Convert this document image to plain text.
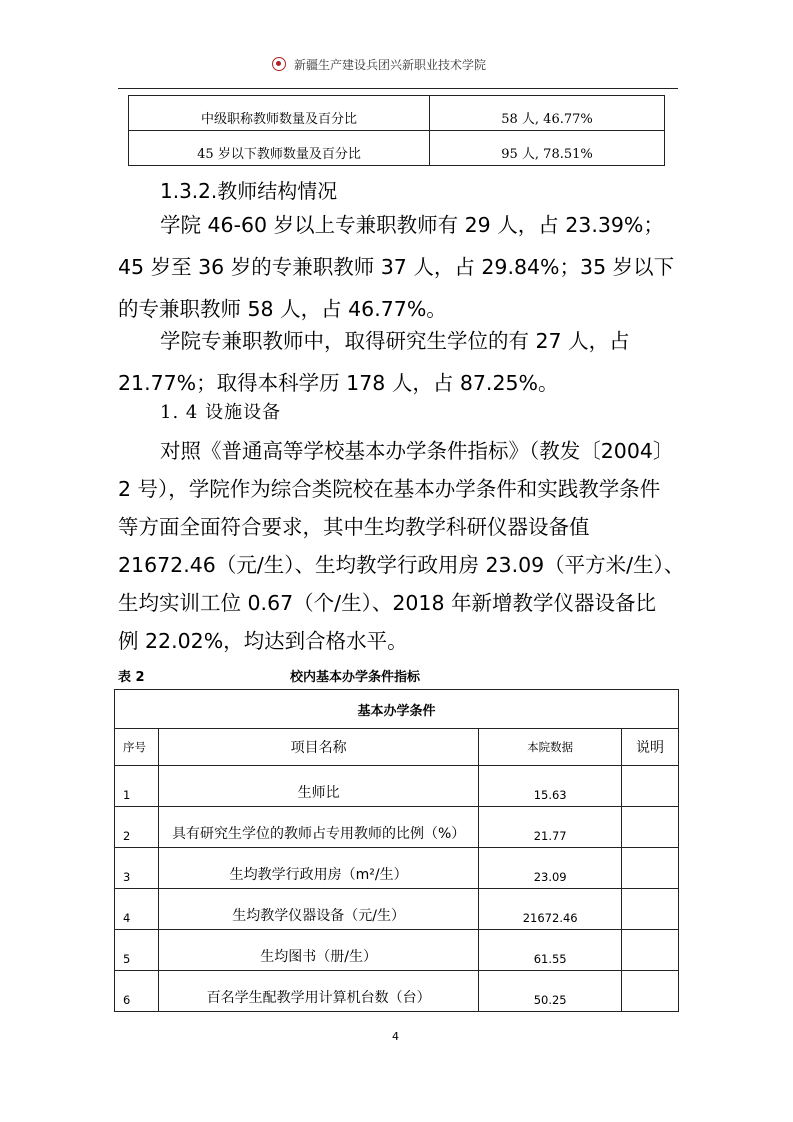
新疆生产建设兵团兴新职业技术学院
中级职称教师数量及百分比	58 人, 46.77%
45 岁以下教师数量及百分比	95 人, 78.51%
1.3.2.教师结构情况
学院 46-60 岁以上专兼职教师有 29 人，占 23.39%；
45 岁至 36 岁的专兼职教师 37 人，占 29.84%；35 岁以下
的专兼职教师 58 人，占 46.77%。
学院专兼职教师中，取得研究生学位的有 27 人，占
21.77%；取得本科学历 178 人，占 87.25%。
1. 4 设施设备
对照《普通高等学校基本办学条件指标》（教发〔2004〕
2 号），学院作为综合类院校在基本办学条件和实践教学条件
等方面全面符合要求，其中生均教学科研仪器设备值
21672.46（元/生）、生均教学行政用房 23.09（平方米/生）、
生均实训工位 0.67（个/生）、2018 年新增教学仪器设备比
例 22.02%，均达到合格水平。
表 2	校内基本办学条件指标
基本办学条件			
序号	项目名称	本院数据	说明
1	生师比	15.63	
2	具有研究生学位的教师占专用教师的比例（%）	21.77	
3	生均教学行政用房（m²/生）	23.09	
4	生均教学仪器设备（元/生）	21672.46	
5	生均图书（册/生）	61.55	
6	百名学生配教学用计算机台数（台）	50.25	
4
